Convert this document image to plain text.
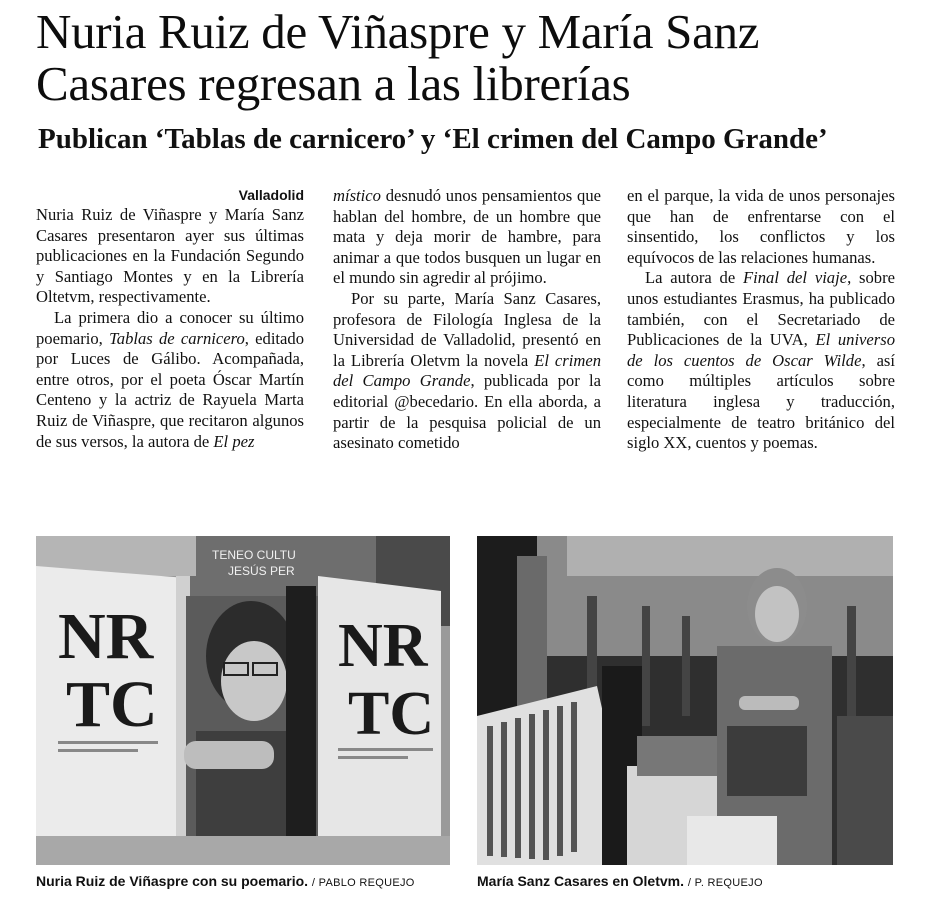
Nuria Ruiz de Viñaspre y María Sanz Casares regresan a las librerías
Publican ‘Tablas de carnicero’ y ‘El crimen del Campo Grande’
Valladolid

Nuria Ruiz de Viñaspre y María Sanz Casares presentaron ayer sus últimas publicaciones en la Fundación Segundo y Santiago Montes y en la Librería Oltetvm, respectivamente.

La primera dio a conocer su último poemario, Tablas de carnicero, editado por Luces de Gálibo. Acompañada, entre otros, por el poeta Óscar Martín Centeno y la actriz de Rayuela Marta Ruiz de Viñaspre, que recitaron algunos de sus versos, la autora de El pez

místico desnudó unos pensamientos que hablan del hombre, de un hombre que mata y deja morir de hambre, para animar a que todos busquen un lugar en el mundo sin agredir al prójimo.

Por su parte, María Sanz Casares, profesora de Filología Inglesa de la Universidad de Valladolid, presentó en la Librería Oletvm la novela El crimen del Campo Grande, publicada por la editorial @becedario. En ella aborda, a partir de la pesquisa policial de un asesinato cometido

en el parque, la vida de unos personajes que han de enfrentarse con el sinsentido, los conflictos y los equívocos de las relaciones humanas.

La autora de Final del viaje, sobre unos estudiantes Erasmus, ha publicado también, con el Secretariado de Publicaciones de la UVA, El universo de los cuentos de Oscar Wilde, así como múltiples artículos sobre literatura inglesa y traducción, especialmente de teatro británico del siglo XX, cuentos y poemas.

TENEO CULTU
JESÚS PER
NR
TC
NR
TC
Nuria Ruiz de Viñaspre con su poemario. / PABLO REQUEJO	María Sanz Casares en Oletvm. / P. REQUEJO
